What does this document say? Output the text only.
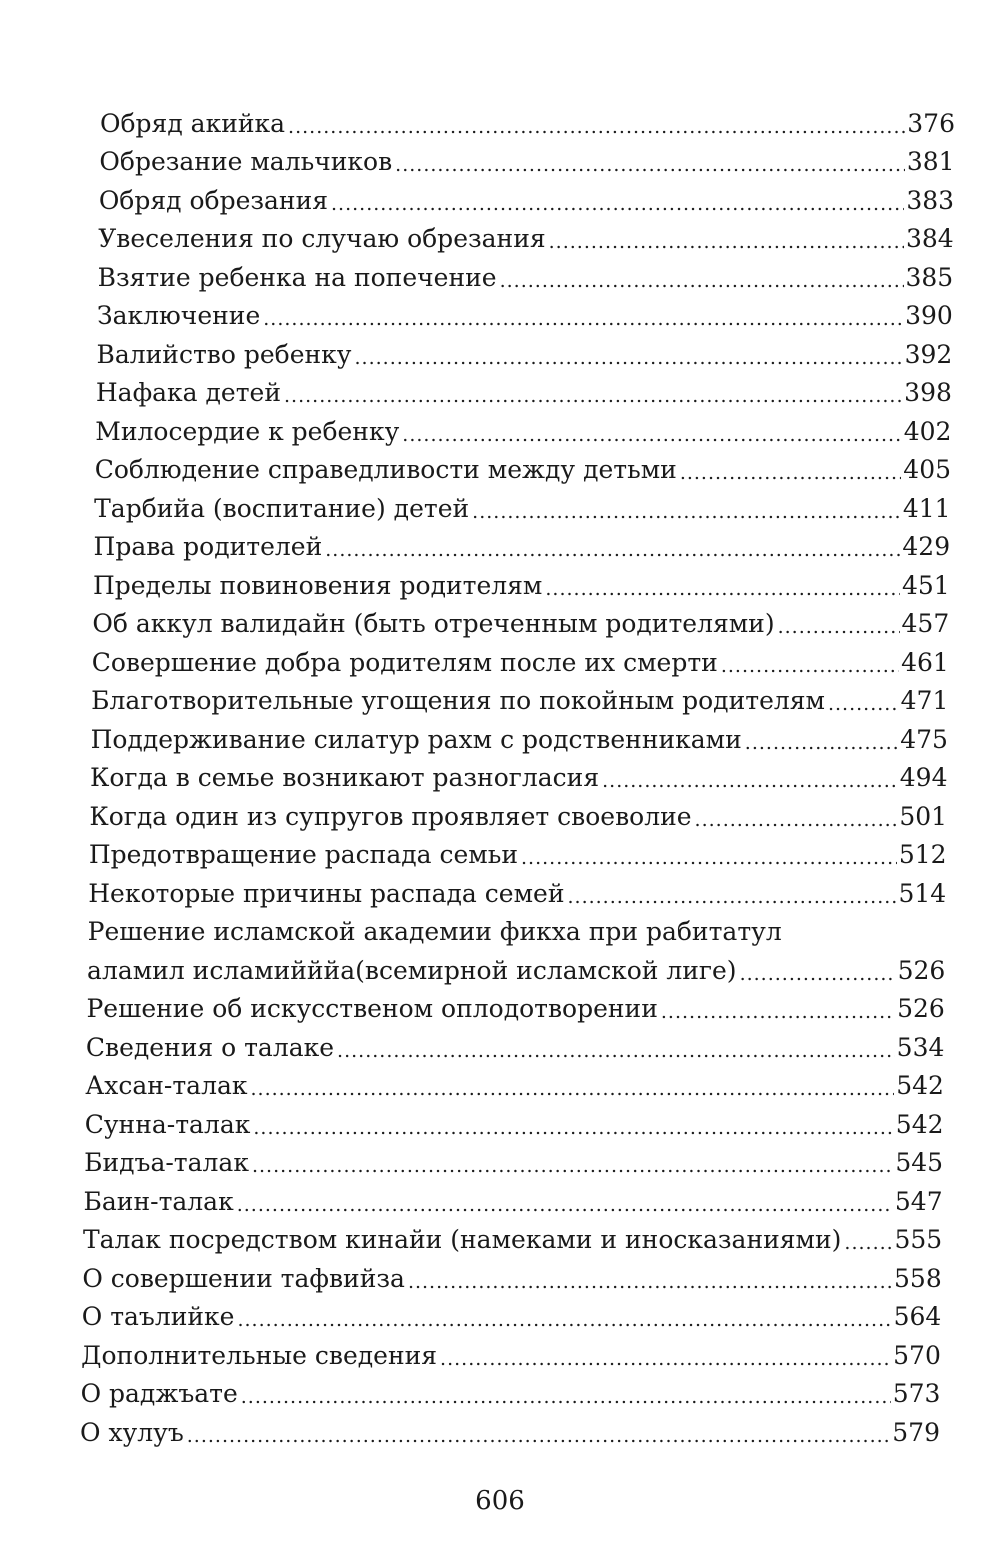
Обряд акийка .....	376
Обрезание мальчиков .....	381
Обряд обрезания .....	383
Увеселения по случаю обрезания .....	384
Взятие ребенка на попечение .....	385
Заключение .....	390
Валийство ребенку .....	392
Нафака детей .....	398
Милосердие к ребенку .....	402
Соблюдение справедливости между детьми .....	405
Тарбийа (воспитание) детей .....	411
Права родителей .....	429
Пределы повиновения родителям .....	451
Об аккул валидайн (быть отреченным родителями) .....	457
Совершение добра родителям после их смерти .....	461
Благотворительные угощения по покойным родителям .....	471
Поддерживание силатур рахм с родственниками .....	475
Когда в семье возникают разногласия .....	494
Когда один из супругов проявляет своеволие .....	501
Предотвращение распада семьи .....	512
Некоторые причины распада семей .....	514
Решение исламской академии фикха при рабитатул
аламил исламийййа(всемирной исламской лиге) .....	526
Решение об искусственом оплодотворении .....	526
Сведения о талаке .....	534
Ахсан-талак .....	542
Сунна-талак .....	542
Бидъа-талак .....	545
Баин-талак .....	547
Талак посредством кинайи (намеками и иносказаниями) ..... 555
О совершении тафвийза .....	558
О таълийке .....	564
Дополнительные сведения .....	570
О раджъате .....	573
О хулуъ .....	579
606
